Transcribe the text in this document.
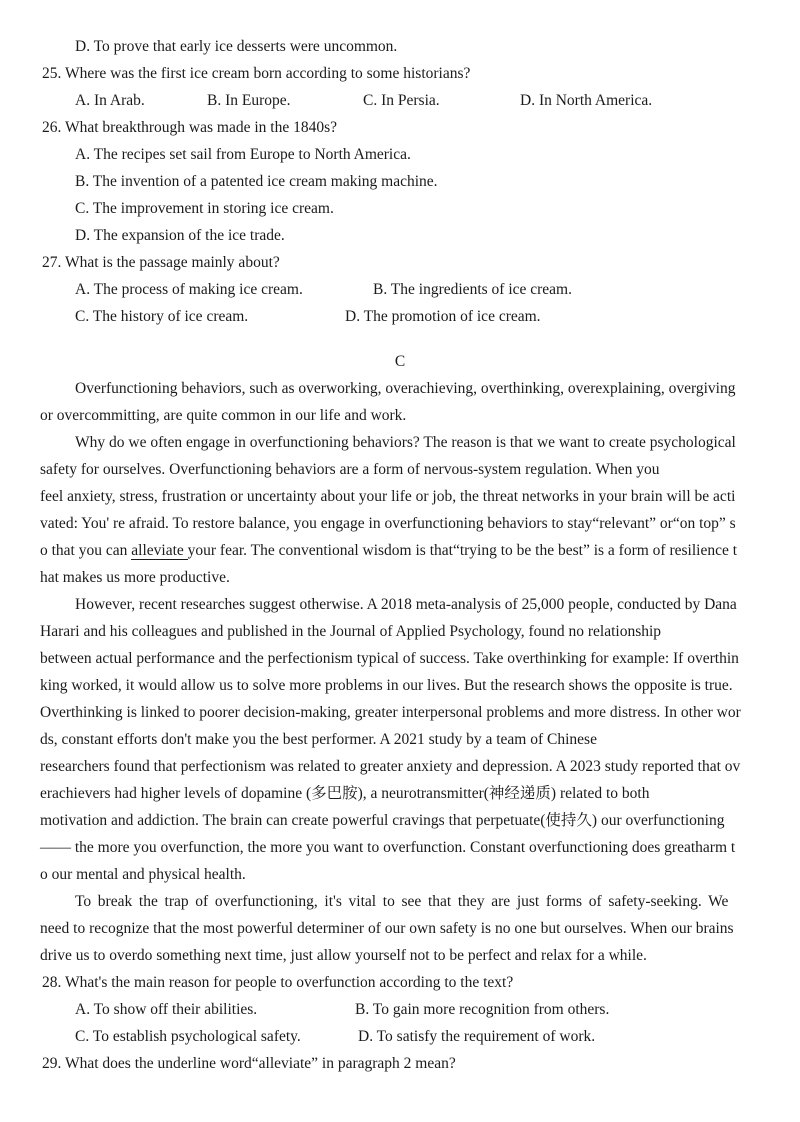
D. To prove that early ice desserts were uncommon.
25. Where was the first ice cream born according to some historians?
A. In Arab.	B. In Europe.	C. In Persia.	D. In North America.
26. What breakthrough was made in the 1840s?
A. The recipes set sail from Europe to North America.
B. The invention of a patented ice cream making machine.
C. The improvement in storing ice cream.
D. The expansion of the ice trade.
27. What is the passage mainly about?
A. The process of making ice cream.	B. The ingredients of ice cream.
C. The history of ice cream.	D. The promotion of ice cream.
C
Overfunctioning behaviors, such as overworking, overachieving, overthinking, overexplaining, overgiving
or overcommitting, are quite common in our life and work.
Why do we often engage in overfunctioning behaviors? The reason is that we want to create psychological
safety for ourselves. Overfunctioning behaviors are a form of nervous-system regulation. When you
feel anxiety, stress, frustration or uncertainty about your life or job, the threat networks in your brain will be acti
vated: You' re afraid. To restore balance, you engage in overfunctioning behaviors to stay“relevant” or“on top” s
o that you can alleviate your fear. The conventional wisdom is that“trying to be the best” is a form of resilience t
hat makes us more productive.
However, recent researches suggest otherwise. A 2018 meta-analysis of 25,000 people, conducted by Dana
Harari and his colleagues and published in the Journal of Applied Psychology, found no relationship
between actual performance and the perfectionism typical of success. Take overthinking for example: If overthin
king worked, it would allow us to solve more problems in our lives. But the research shows the opposite is true.
Overthinking is linked to poorer decision-making, greater interpersonal problems and more distress. In other wor
ds, constant efforts don't make you the best performer. A 2021 study by a team of Chinese
researchers found that perfectionism was related to greater anxiety and depression. A 2023 study reported that ov
erachievers had higher levels of dopamine (多巴胺), a neurotransmitter(神经递质) related to both
motivation and addiction. The brain can create powerful cravings that perpetuate(使持久) our overfunctioning
—— the more you overfunction, the more you want to overfunction. Constant overfunctioning does greatharm t
o our mental and physical health.
To break the trap of overfunctioning, it's vital to see that they are just forms of safety-seeking. We
need to recognize that the most powerful determiner of our own safety is no one but ourselves. When our brains
drive us to overdo something next time, just allow yourself not to be perfect and relax for a while.
28. What's the main reason for people to overfunction according to the text?
A. To show off their abilities.	B. To gain more recognition from others.
C. To establish psychological safety.	D. To satisfy the requirement of work.
29. What does the underline word“alleviate” in paragraph 2 mean?
